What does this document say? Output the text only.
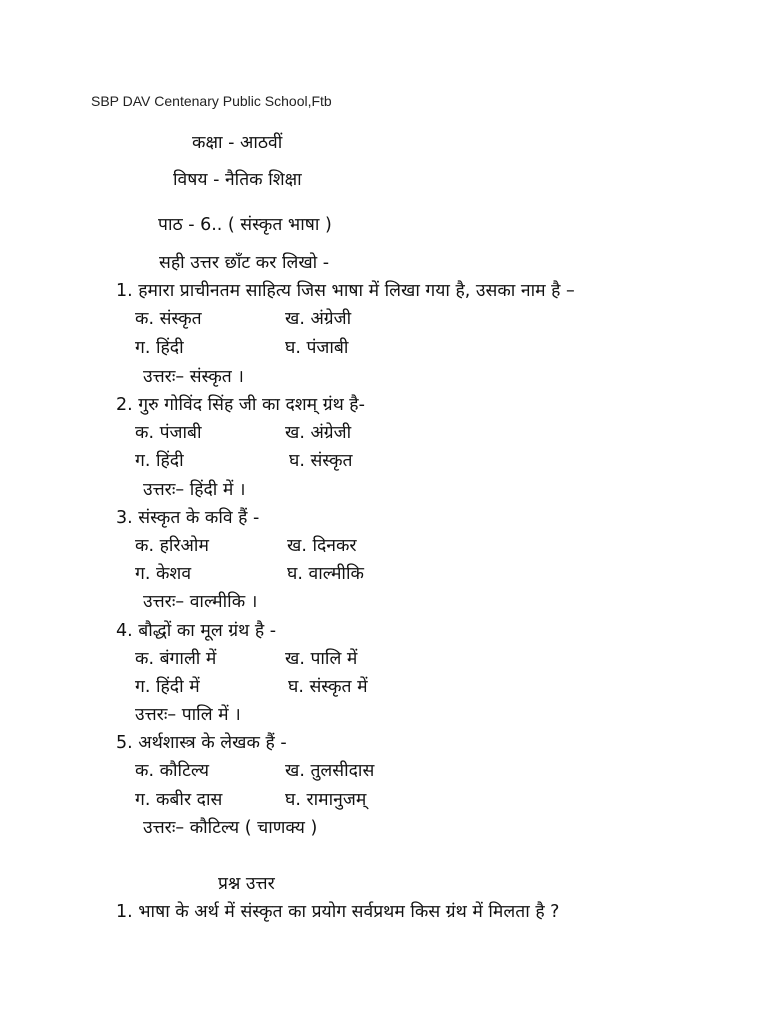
SBP DAV Centenary Public School,Ftb
कक्षा - आठवीं
विषय - नैतिक शिक्षा
पाठ - 6.. ( संस्कृत भाषा )
सही उत्तर छाँट कर लिखो -
1. हमारा प्राचीनतम साहित्य जिस भाषा में लिखा गया है, उसका नाम है –
क. संस्कृत	ख. अंग्रेजी
ग. हिंदी	घ. पंजाबी
उत्तरः– संस्कृत ।
2. गुरु गोविंद सिंह जी का दशम् ग्रंथ है-
क. पंजाबी	ख. अंग्रेजी
ग. हिंदी	घ. संस्कृत
उत्तरः– हिंदी में ।
3. संस्कृत के कवि हैं -
क. हरिओम	ख. दिनकर
ग. केशव	घ. वाल्मीकि
उत्तरः– वाल्मीकि ।
4. बौद्धों का मूल ग्रंथ है -
क. बंगाली में	ख. पालि में
ग. हिंदी में	घ. संस्कृत में
उत्तरः– पालि में ।
5. अर्थशास्त्र के लेखक हैं -
क. कौटिल्य	ख. तुलसीदास
ग. कबीर दास	घ. रामानुजम्
उत्तरः– कौटिल्य ( चाणक्य )
प्रश्न उत्तर
1. भाषा के अर्थ में संस्कृत का प्रयोग सर्वप्रथम किस ग्रंथ में मिलता है ?
